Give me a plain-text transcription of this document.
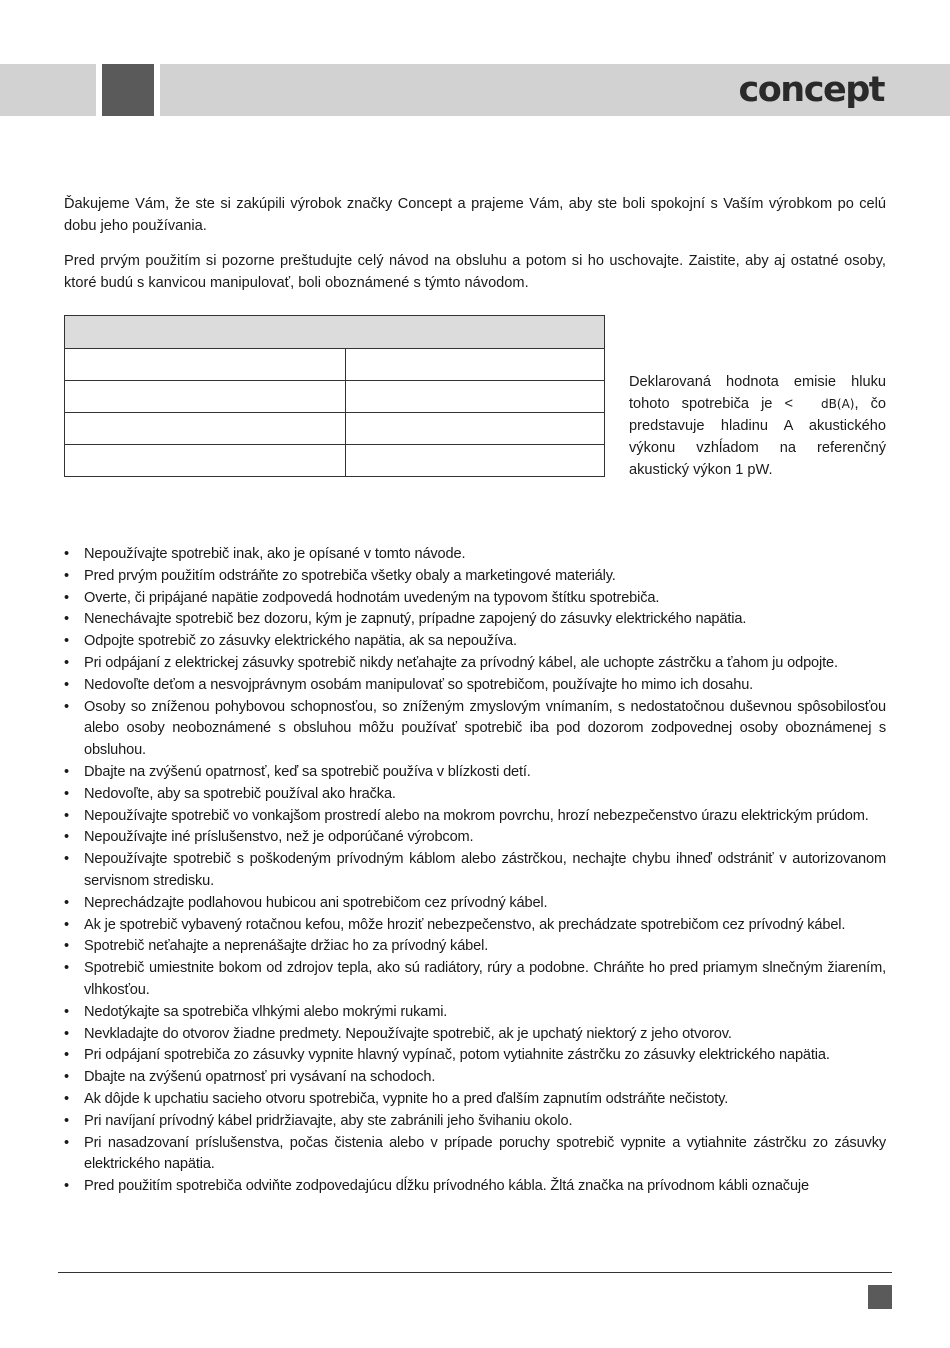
concept

Ďakujeme Vám, že ste si zakúpili výrobok značky Concept a prajeme Vám, aby ste boli spokojní s Vaším výrobkom po celú dobu jeho používania.

Pred prvým použitím si pozorne preštudujte celý návod na obsluhu a potom si ho uschovajte. Zaistite, aby aj ostatné osoby, ktoré budú s kanvicou manipulovať, boli oboznámené s týmto návodom.

Deklarovaná hodnota emisie hluku tohoto spotrebiča je < dB(A), čo predstavuje hladinu A akustického výkonu vzhĺadom na referenčný akustický výkon 1 pW.

• Nepoužívajte spotrebič inak, ako je opísané v tomto návode.
• Pred prvým použitím odstráňte zo spotrebiča všetky obaly a marketingové materiály.
• Overte, či pripájané napätie zodpovedá hodnotám uvedeným na typovom štítku spotrebiča.
• Nenechávajte spotrebič bez dozoru, kým je zapnutý, prípadne zapojený do zásuvky elektrického napätia.
• Odpojte spotrebič zo zásuvky elektrického napätia, ak sa nepoužíva.
• Pri odpájaní z elektrickej zásuvky spotrebič nikdy neťahajte za prívodný kábel, ale uchopte zástrčku a ťahom ju odpojte.
• Nedovoľte deťom a nesvojprávnym osobám manipulovať so spotrebičom, používajte ho mimo ich dosahu.
• Osoby so zníženou pohybovou schopnosťou, so zníženým zmyslovým vnímaním, s nedostatočnou duševnou spôsobilosťou alebo osoby neoboznámené s obsluhou môžu používať spotrebič iba pod dozorom zodpovednej osoby oboznámenej s obsluhou.
• Dbajte na zvýšenú opatrnosť, keď sa spotrebič používa v blízkosti detí.
• Nedovoľte, aby sa spotrebič používal ako hračka.
• Nepoužívajte spotrebič vo vonkajšom prostredí alebo na mokrom povrchu, hrozí nebezpečenstvo úrazu elektrickým prúdom.
• Nepoužívajte iné príslušenstvo, než je odporúčané výrobcom.
• Nepoužívajte spotrebič s poškodeným prívodným káblom alebo zástrčkou, nechajte chybu ihneď odstrániť v autorizovanom servisnom stredisku.
• Neprechádzajte podlahovou hubicou ani spotrebičom cez prívodný kábel.
• Ak je spotrebič vybavený rotačnou kefou, môže hroziť nebezpečenstvo, ak prechádzate spotrebičom cez prívodný kábel.
• Spotrebič neťahajte a neprenášajte držiac ho za prívodný kábel.
• Spotrebič umiestnite bokom od zdrojov tepla, ako sú radiátory, rúry a podobne. Chráňte ho pred priamym slnečným žiarením, vlhkosťou.
• Nedotýkajte sa spotrebiča vlhkými alebo mokrými rukami.
• Nevkladajte do otvorov žiadne predmety. Nepoužívajte spotrebič, ak je upchatý niektorý z jeho otvorov.
• Pri odpájaní spotrebiča zo zásuvky vypnite hlavný vypínač, potom vytiahnite zástrčku zo zásuvky elektrického napätia.
• Dbajte na zvýšenú opatrnosť pri vysávaní na schodoch.
• Ak dôjde k upchatiu sacieho otvoru spotrebiča, vypnite ho a pred ďalším zapnutím odstráňte nečistoty.
• Pri navíjaní prívodný kábel pridržiavajte, aby ste zabránili jeho švihaniu okolo.
• Pri nasadzovaní príslušenstva, počas čistenia alebo v prípade poruchy spotrebič vypnite a vytiahnite zástrčku zo zásuvky elektrického napätia.
• Pred použitím spotrebiča odviňte zodpovedajúcu dĺžku prívodného kábla. Žltá značka na prívodnom kábli označuje
